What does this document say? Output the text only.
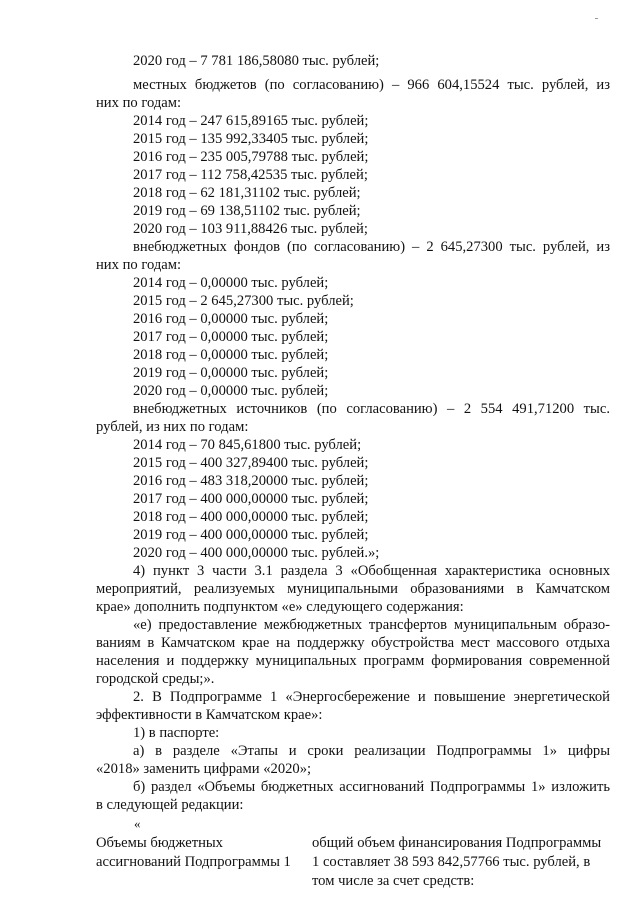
2020 год – 7 781 186,58080 тыс. рублей;
местных бюджетов (по согласованию) – 966 604,15524 тыс. рублей, из
них по годам:
2014 год – 247 615,89165 тыс. рублей;
2015 год – 135 992,33405 тыс. рублей;
2016 год – 235 005,79788 тыс. рублей;
2017 год – 112 758,42535 тыс. рублей;
2018 год – 62 181,31102 тыс. рублей;
2019 год – 69 138,51102 тыс. рублей;
2020 год – 103 911,88426 тыс. рублей;
внебюджетных фондов (по согласованию) – 2 645,27300 тыс. рублей, из
них по годам:
2014 год – 0,00000 тыс. рублей;
2015 год – 2 645,27300 тыс. рублей;
2016 год – 0,00000 тыс. рублей;
2017 год – 0,00000 тыс. рублей;
2018 год – 0,00000 тыс. рублей;
2019 год – 0,00000 тыс. рублей;
2020 год – 0,00000 тыс. рублей;
внебюджетных источников (по согласованию) – 2 554 491,71200 тыс.
рублей, из них по годам:
2014 год – 70 845,61800 тыс. рублей;
2015 год – 400 327,89400 тыс. рублей;
2016 год – 483 318,20000 тыс. рублей;
2017 год – 400 000,00000 тыс. рублей;
2018 год – 400 000,00000 тыс. рублей;
2019 год – 400 000,00000 тыс. рублей;
2020 год – 400 000,00000 тыс. рублей.»;
4) пункт 3 части 3.1 раздела 3 «Обобщенная характеристика основных
мероприятий, реализуемых муниципальными образованиями в Камчатском
крае» дополнить подпунктом «е» следующего содержания:
«е) предоставление межбюджетных трансфертов муниципальным образо-
ваниям в Камчатском крае на поддержку обустройства мест массового отдыха
населения и поддержку муниципальных программ формирования современной
городской среды;».
2. В Подпрограмме 1 «Энергосбережение и повышение энергетической
эффективности в Камчатском крае»:
1) в паспорте:
а) в разделе «Этапы и сроки реализации Подпрограммы 1» цифры
«2018» заменить цифрами «2020»;
б) раздел «Объемы бюджетных ассигнований Подпрограммы 1» изложить
в следующей редакции:
«
Объемы бюджетных
ассигнований Подпрограммы 1
общий объем финансирования Подпрограммы
1 составляет 38 593 842,57766 тыс. рублей, в
том числе за счет средств:
